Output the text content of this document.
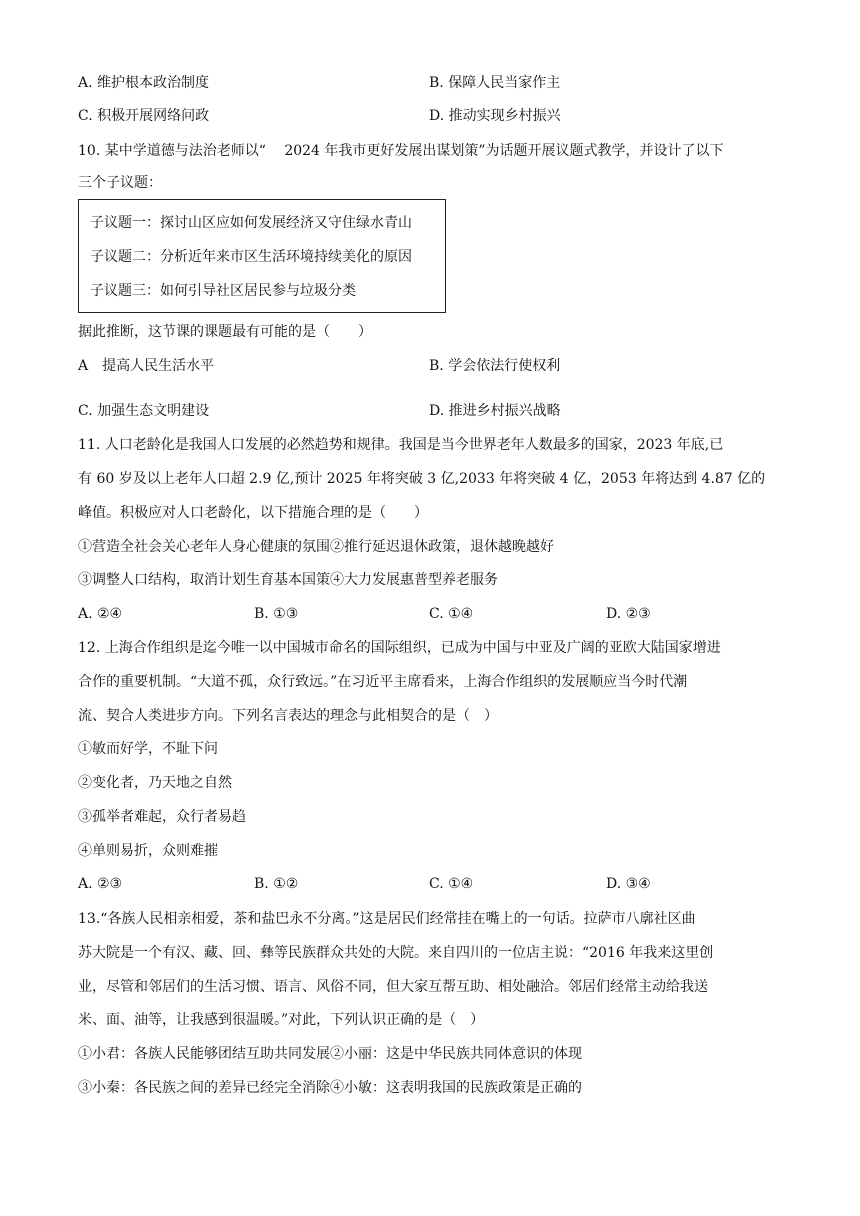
A. 维护根本政治制度	B. 保障人民当家作主
C. 积极开展网络问政	D. 推动实现乡村振兴
10. 某中学道德与法治老师以“　 2024 年我市更好发展出谋划策”为话题开展议题式教学，并设计了以下
三个子议题：
子议题一：探讨山区应如何发展经济又守住绿水青山
子议题二：分析近年来市区生活环境持续美化的原因
子议题三：如何引导社区居民参与垃圾分类
据此推断，这节课的课题最有可能的是（　　）
A　提高人民生活水平	B. 学会依法行使权利
C. 加强生态文明建设	D. 推进乡村振兴战略
11. 人口老龄化是我国人口发展的必然趋势和规律。我国是当今世界老年人数最多的国家，2023 年底,已
有 60 岁及以上老年人口超 2.9 亿,预计 2025 年将突破 3 亿,2033 年将突破 4 亿，2053 年将达到 4.87 亿的
峰值。积极应对人口老龄化，以下措施合理的是（　　）
①营造全社会关心老年人身心健康的氛围②推行延迟退休政策，退休越晚越好
③调整人口结构，取消计划生育基本国策④大力发展惠普型养老服务
A. ②④	B. ①③	C. ①④	D. ②③
12. 上海合作组织是迄今唯一以中国城市命名的国际组织，已成为中国与中亚及广阔的亚欧大陆国家增进
合作的重要机制。“大道不孤，众行致远。”在习近平主席看来，上海合作组织的发展顺应当今时代潮
流、契合人类进步方向。下列名言表达的理念与此相契合的是（　）
①敏而好学，不耻下问
②变化者，乃天地之自然
③孤举者难起，众行者易趋
④单则易折，众则难摧
A. ②③	B. ①②	C. ①④	D. ③④
13.“各族人民相亲相爱，茶和盐巴永不分离。”这是居民们经常挂在嘴上的一句话。拉萨市八廓社区曲
苏大院是一个有汉、藏、回、彝等民族群众共处的大院。来自四川的一位店主说：“2016 年我来这里创
业，尽管和邻居们的生活习惯、语言、风俗不同，但大家互帮互助、相处融洽。邻居们经常主动给我送
米、面、油等，让我感到很温暖。”对此，下列认识正确的是（　）
①小君：各族人民能够团结互助共同发展②小丽：这是中华民族共同体意识的体现
③小秦：各民族之间的差异已经完全消除④小敏：这表明我国的民族政策是正确的
